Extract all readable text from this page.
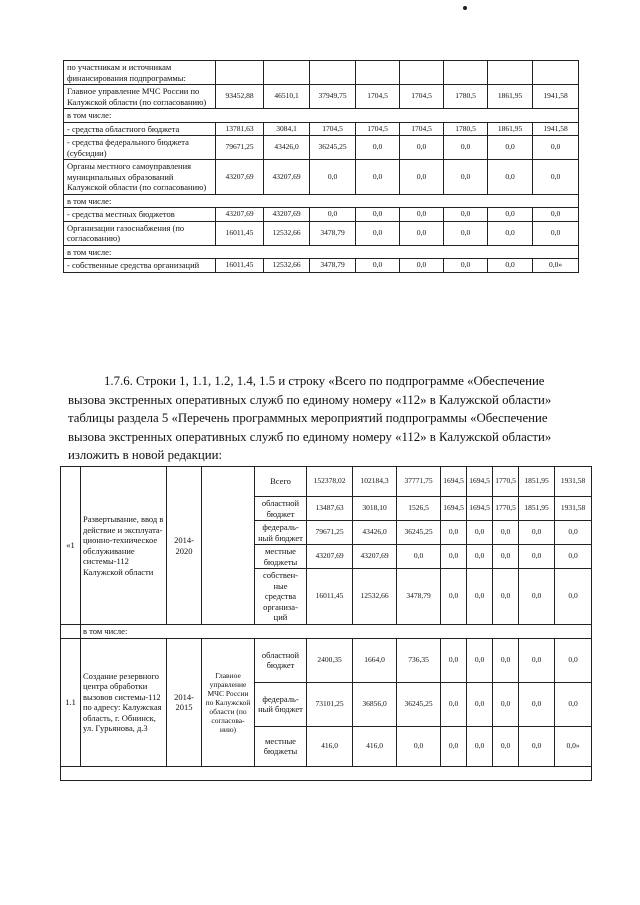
по участникам и источникам финансирования подпрограммы:								
Главное управление МЧС России по Калужской области (по согласованию)	93452,88	46510,1	37949,75	1704,5	1704,5	1780,5	1861,95	1941,58
в том числе:								
- средства областного бюджета	13781,63	3084,1	1704,5	1704,5	1704,5	1780,5	1861,95	1941,58
- средства федерального бюджета (субсидии)	79671,25	43426,0	36245,25	0,0	0,0	0,0	0,0	0,0
Органы местного самоуправления муниципальных образований Калужской области (по согласованию)	43207,69	43207,69	0,0	0,0	0,0	0,0	0,0	0,0
в том числе:								
- средства местных бюджетов	43207,69	43207,69	0,0	0,0	0,0	0,0	0,0	0,0
Организации газоснабжения (по согласованию)	16011,45	12532,66	3478,79	0,0	0,0	0,0	0,0	0,0
в том числе:								
- собственные средства организаций	16011,45	12532,66	3478,79	0,0	0,0	0,0	0,0	0,0»
1.7.6. Строки 1, 1.1, 1.2, 1.4, 1.5 и строку «Всего по подпрограмме «Обеспечение
вызова экстренных оперативных служб по единому номеру «112» в Калужской области»
таблицы раздела 5 «Перечень программных мероприятий подпрограммы «Обеспечение
вызова экстренных оперативных служб по единому номеру «112» в Калужской области»
изложить в новой редакции:
«1	Развертывание, ввод в действие и эксплуата-ционно-техническое обслуживание системы-112 Калужской области	2014-2020		Всего	152378,02	102184,3	37771,75	1694,5	1694,5	1770,5	1851,95	1931,58
				областной бюджет	13487,63	3018,10	1526,5	1694,5	1694,5	1770,5	1851,95	1931,58
				федераль-ный бюджет	79671,25	43426,0	36245,25	0,0	0,0	0,0	0,0	0,0
				местные бюджеты	43207,69	43207,69	0,0	0,0	0,0	0,0	0,0	0,0
				собствен-ные средства организа-ций	16011,45	12532,66	3478,79	0,0	0,0	0,0	0,0	0,0
	в том числе:											
1.1	Создание резервного центра обработки вызовов системы-112 по адресу: Калужская область, г. Обнинск, ул. Гурьянова, д.3	2014-2015	Главное управление МЧС России по Калужской области (по согласова-нию)	областной бюджет	2400,35	1664,0	736,35	0,0	0,0	0,0	0,0	0,0
				федераль-ный бюджет	73101,25	36856,0	36245,25	0,0	0,0	0,0	0,0	0,0
				местные бюджеты	416,0	416,0	0,0	0,0	0,0	0,0	0,0	0,0»
